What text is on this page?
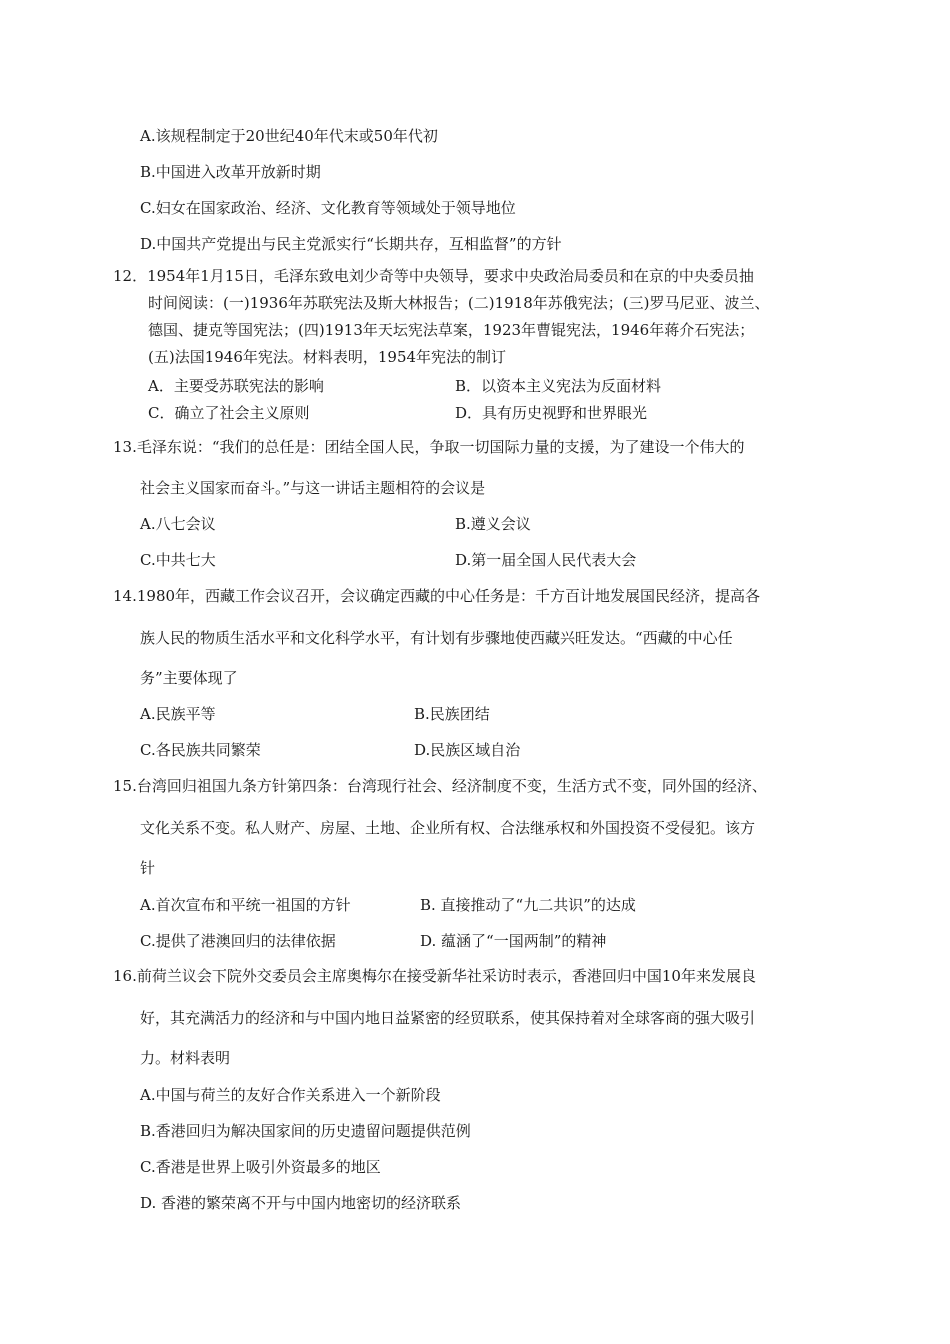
A.该规程制定于20世纪40年代末或50年代初
B.中国进入改革开放新时期
C.妇女在国家政治、经济、文化教育等领域处于领导地位
D.中国共产党提出与民主党派实行“长期共存，互相监督”的方针
12．1954年1月15日，毛泽东致电刘少奇等中央领导，要求中央政治局委员和在京的中央委员抽
时间阅读：(一)1936年苏联宪法及斯大林报告；(二)1918年苏俄宪法；(三)罗马尼亚、波兰、
德国、捷克等国宪法；(四)1913年天坛宪法草案，1923年曹锟宪法，1946年蒋介石宪法；
(五)法国1946年宪法。材料表明，1954年宪法的制订
A．主要受苏联宪法的影响	B．以资本主义宪法为反面材料
C．确立了社会主义原则	D．具有历史视野和世界眼光
13.毛泽东说：“我们的总任是：团结全国人民，争取一切国际力量的支援，为了建设一个伟大的
社会主义国家而奋斗。”与这一讲话主题相符的会议是
A.八七会议	B.遵义会议
C.中共七大	D.第一届全国人民代表大会
14.1980年，西藏工作会议召开，会议确定西藏的中心任务是：千方百计地发展国民经济，提高各
族人民的物质生活水平和文化科学水平，有计划有步骤地使西藏兴旺发达。“西藏的中心任
务”主要体现了
A.民族平等	B.民族团结
C.各民族共同繁荣	D.民族区域自治
15.台湾回归祖国九条方针第四条：台湾现行社会、经济制度不变，生活方式不变，同外国的经济、
文化关系不变。私人财产、房屋、土地、企业所有权、合法继承权和外国投资不受侵犯。该方
针
A.首次宣布和平统一祖国的方针	B. 直接推动了“九二共识”的达成
C.提供了港澳回归的法律依据	D. 蕴涵了“一国两制”的精神
16.前荷兰议会下院外交委员会主席奥梅尔在接受新华社采访时表示，香港回归中国10年来发展良
好，其充满活力的经济和与中国内地日益紧密的经贸联系，使其保持着对全球客商的强大吸引
力。材料表明
A.中国与荷兰的友好合作关系进入一个新阶段
B.香港回归为解决国家间的历史遗留问题提供范例
C.香港是世界上吸引外资最多的地区
D. 香港的繁荣离不开与中国内地密切的经济联系
